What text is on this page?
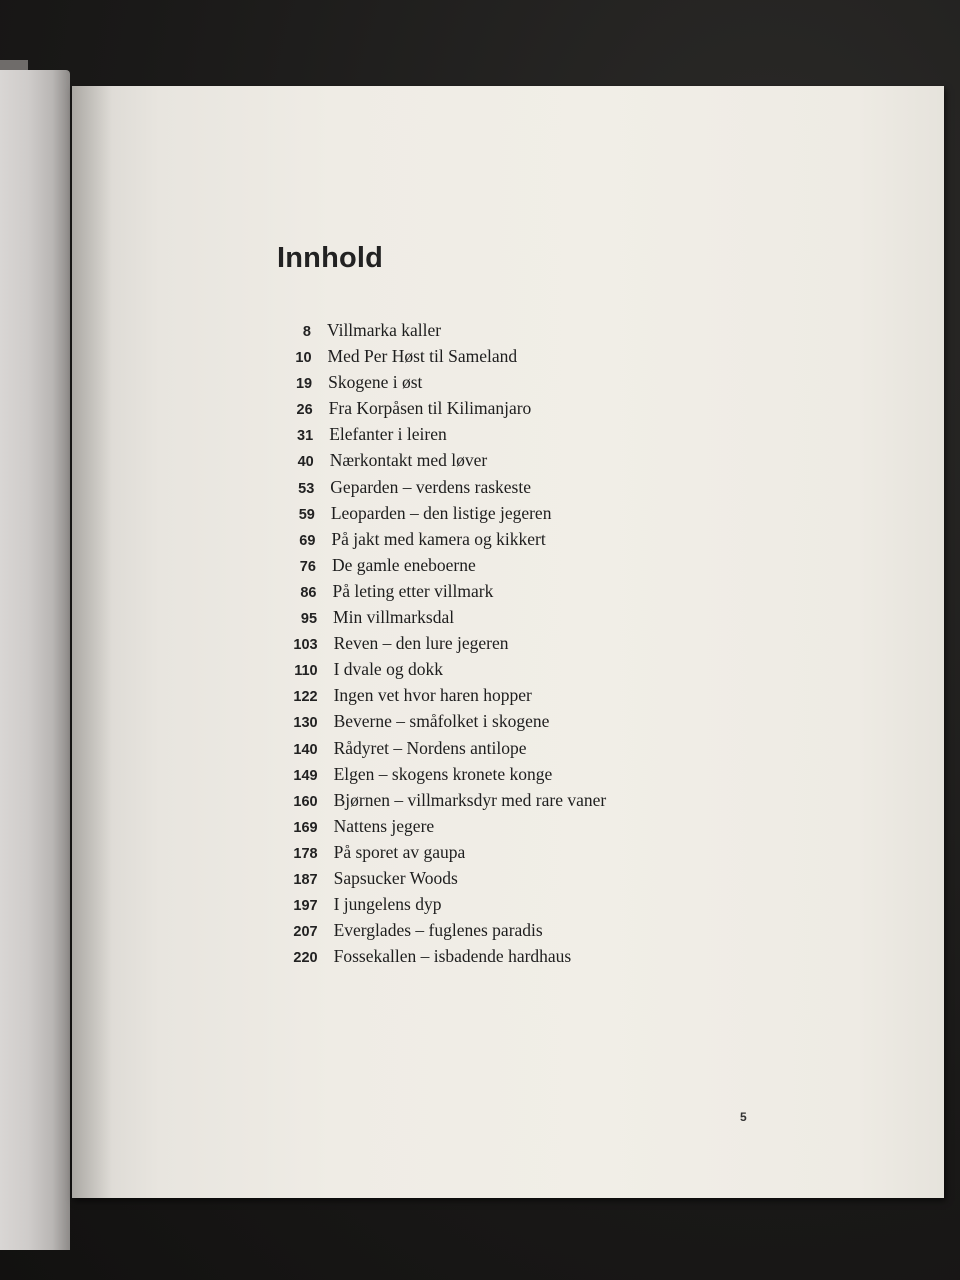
Innhold
8 Villmarka kaller
10 Med Per Høst til Sameland
19 Skogene i øst
26 Fra Korpåsen til Kilimanjaro
31 Elefanter i leiren
40 Nærkontakt med løver
53 Geparden – verdens raskeste
59 Leoparden – den listige jegeren
69 På jakt med kamera og kikkert
76 De gamle eneboerne
86 På leting etter villmark
95 Min villmarksdal
103 Reven – den lure jegeren
110 I dvale og dokk
122 Ingen vet hvor haren hopper
130 Beverne – småfolket i skogene
140 Rådyret – Nordens antilope
149 Elgen – skogens kronete konge
160 Bjørnen – villmarksdyr med rare vaner
169 Nattens jegere
178 På sporet av gaupa
187 Sapsucker Woods
197 I jungelens dyp
207 Everglades – fuglenes paradis
220 Fossekallen – isbadende hardhaus
5
